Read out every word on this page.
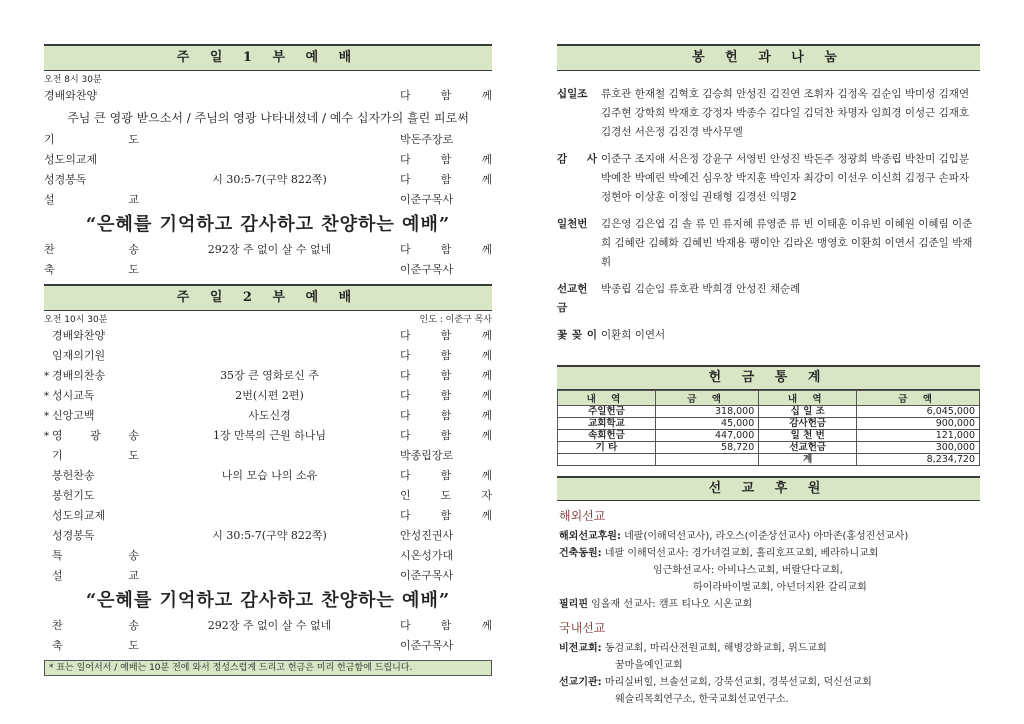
주 일 1 부 예 배
오전 8시 30분
경배와찬양	다 함 께
주님 큰 영광 받으소서 / 주님의 영광 나타내셨네 / 예수 십자가의 흘린 피로써
기 도	박돈주장로
성도의교제	다 함 께
성경봉독	시 30:5-7(구약 822쪽)	다 함 께
설 교	이준구목사
“은혜를 기억하고 감사하고 찬양하는 예배”
찬 송	292장 주 없이 살 수 없네	다 함 께
축 도	이준구목사
주 일 2 부 예 배
오전 10시 30분	인도 : 이준구 목사
경배와찬양	다 함 께
임재의기원	다 함 께
* 경배의찬송	35장 큰 영화로신 주	다 함 께
* 성시교독	2번(시편 2편)	다 함 께
* 신앙고백	사도신경	다 함 께
* 영 광 송	1장 만복의 근원 하나님	다 함 께
기 도	박종립장로
봉헌찬송	나의 모습 나의 소유	다 함 께
봉헌기도	인 도 자
성도의교제	다 함 께
성경봉독	시 30:5-7(구약 822쪽)	안성진권사
특 송	시온성가대
설 교	이준구목사
“은혜를 기억하고 감사하고 찬양하는 예배”
찬 송	292장 주 없이 살 수 없네	다 함 께
축 도	이준구목사
* 표는 일어서서 / 예배는 10분 전에 와서 정성스럽게 드리고 헌금은 미리 헌금함에 드립니다.
봉 헌 과 나 눔
십일조	류호관 한재철 김혁호 김승희 안성진 김진연 조휘자 김정옥 김순임 박미성 김재연 김주현 강학희 박재호 강정자 박종수 김다일 김덕찬 차명자 임희경 이성근 김재호 김경선 서은정 김진경 박사무엘
감 사 이준구 조지애 서은정 강윤구 서영빈 안성진 박돈주 정광희 박종립 박찬미 김입분 박예찬 박예린 박예건 심우창 박지훈 박인자 최강이 이선우 이신희 김정구 손파자 정현아 이상훈 이정임 권태형 김경선 익명2
일천번	김은영 김은엽 김 솔 류 민 류지혜 류영준 류 빈 이태훈 이유빈 이혜원 이혜림 이준희 김혜란 김혜화 김혜빈 박재용 팽이안 김라온 맹영호 이환희 이연서 김준일 박재휘
선교헌금
박종립 김순임 류호관 박희경 안성진 채순례
꽃 꽂 이 이환희 이연서
헌 금 통 계
내 역	금 액	내 역	금 액
주일헌금	318,000	십 일 조	6,045,000
교회학교	45,000	감사헌금	900,000
속회헌금	447,000	일 천 번	121,000
기 타	58,720	선교헌금	300,000
		계	8,234,720
선 교 후 원
해외선교
해외선교후원: 네팔(이해덕선교사), 라오스(이준상선교사) 아마존(홍성진선교사)
건축동원: 네팔 이해덕선교사: 경가녀걸교회, 홀리호프교회, 베라하니교회
임근화선교사: 아비나스교회, 버랄단다교회,
하이라바이벌교회, 아넌더지완 갈리교회
필리핀 임올재 선교사: 캠프 티나오 시온교회
국내선교
비전교회: 동검교회, 마리산전원교회, 해병강화교회, 위드교회
꿈마을예인교회
선교기관: 마리실버힐, 브솔선교회, 강북선교회, 경북선교회, 덕신선교회
웨슬리목회연구소, 한국교회선교연구소.
